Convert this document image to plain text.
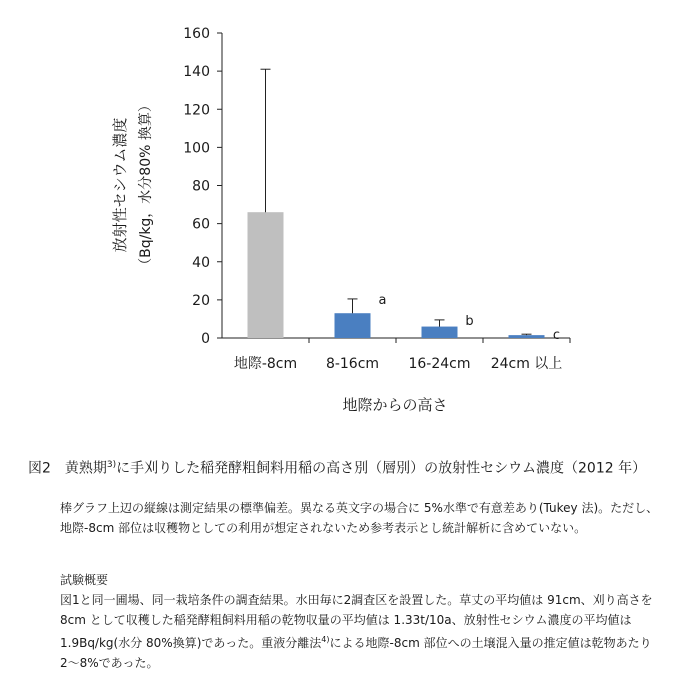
0
20
40
60
80
100
120
140
160
a
b
c
地際-8cm 8-16cm 16-24cm 24cm 以上
放射性セシウム濃度 （Bq/kg，水分80% 換算）
地際からの高さ
図2　黄熟期$^{3)}$に手刈りした稲発酵粗飼料用稲の高さ別（層別）の放射性セシウム濃度（2012 年）
棒グラフ上辺の縦線は測定結果の標準偏差。異なる英文字の場合に 5%水準で有意差あり(Tukey 法)。ただし、地際-8cm 部位は収穫物としての利用が想定されないため参考表示とし統計解析に含めていない。
試験概要
図1と同一圃場、同一栽培条件の調査結果。水田毎に2調査区を設置した。草丈の平均値は 91cm、刈り高さを 8cm として収穫した稲発酵粗飼料用稲の乾物収量の平均値は 1.33t/10a、放射性セシウム濃度の平均値は 1.9Bq/kg(水分 80%換算)であった。重液分離法$^{4)}$による地際-8cm 部位への土壌混入量の推定値は乾物あたり 2～8%であった。
